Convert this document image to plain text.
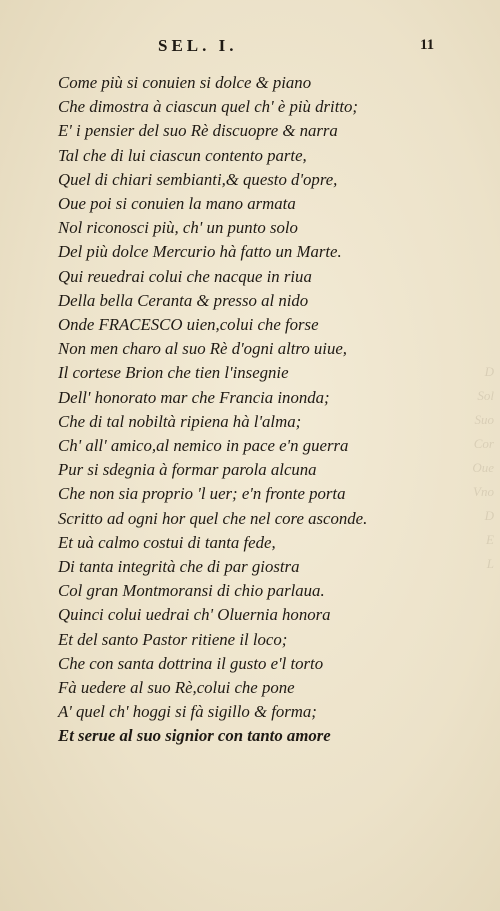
D
Sol
Suo
Cor
Oue
Vno
D
E
L
SEL. I.	11
Come più si conuien si dolce & piano
Che dimostra à ciascun quel ch' è più dritto;
E' i pensier del suo Rè discuopre & narra
Tal che di lui ciascun contento parte,
Quel di chiari sembianti,& questo d'opre,
Oue poi si conuien la mano armata
Nol riconosci più, ch' un punto solo
Del più dolce Mercurio hà fatto un Marte.
Qui reuedrai colui che nacque in riua
Della bella Ceranta & presso al nido
Onde FRACESCO uien,colui che forse
Non men charo al suo Rè d'ogni altro uiue,
Il cortese Brion che tien l'insegnie
Dell' honorato mar che Francia inonda;
Che di tal nobiltà ripiena hà l'alma;
Ch' all' amico,al nemico in pace e'n guerra
Pur si sdegnia à formar parola alcuna
Che non sia proprio 'l uer; e'n fronte porta
Scritto ad ogni hor quel che nel core asconde.
Et uà calmo costui di tanta fede,
Di tanta integrità che di par giostra
Col gran Montmoransi di chio parlaua.
Quinci colui uedrai ch' Oluernia honora
Et del santo Pastor ritiene il loco;
Che con santa dottrina il gusto e'l torto
Fà uedere al suo Rè,colui che pone
A' quel ch' hoggi si fà sigillo & forma;
Et serue al suo signior con tanto amore
